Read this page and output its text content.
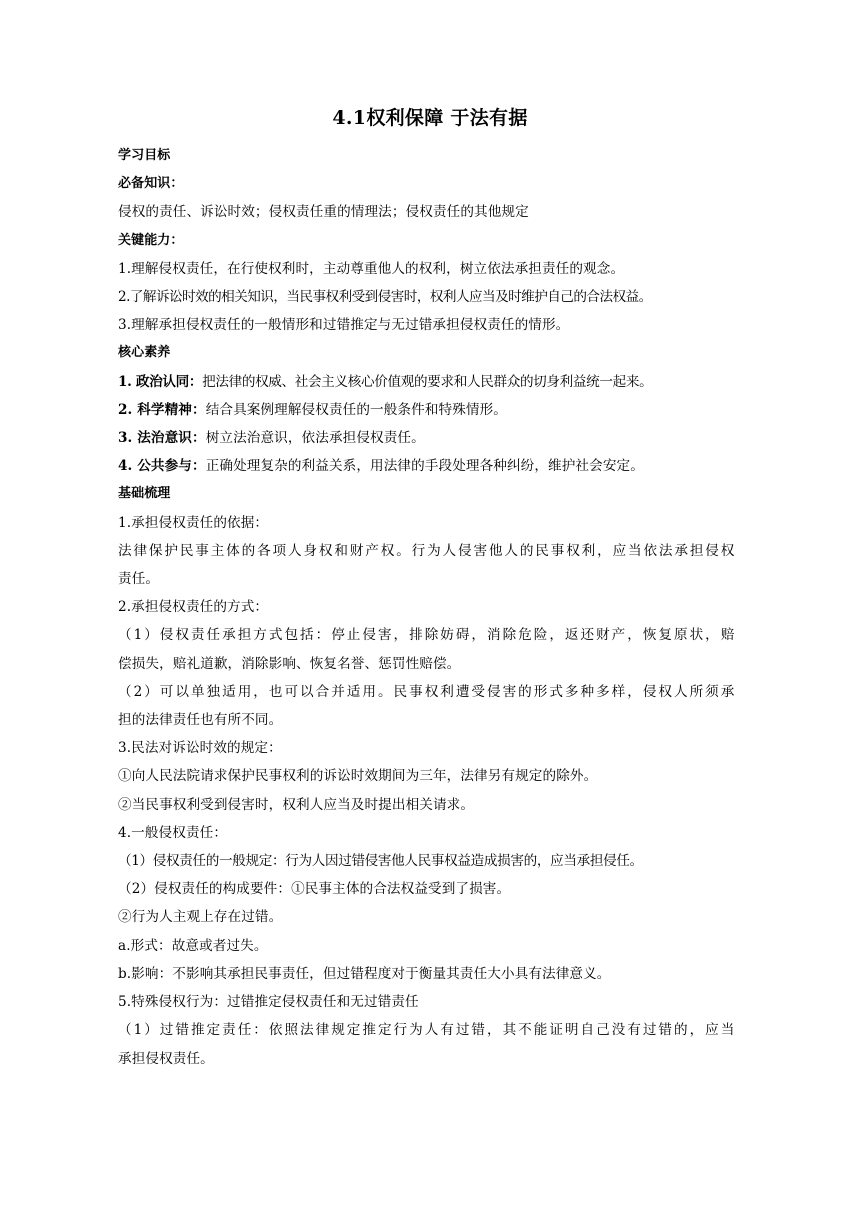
4.1权利保障 于法有据
学习目标
必备知识：
侵权的责任、诉讼时效；侵权责任重的情理法；侵权责任的其他规定
关键能力：
1.理解侵权责任，在行使权利时，主动尊重他人的权利，树立依法承担责任的观念。
2.了解诉讼时效的相关知识，当民事权利受到侵害时，权利人应当及时维护自己的合法权益。
3.理解承担侵权责任的一般情形和过错推定与无过错承担侵权责任的情形。
核心素养
1. 政治认同：把法律的权威、社会主义核心价值观的要求和人民群众的切身利益统一起来。
2. 科学精神：结合具案例理解侵权责任的一般条件和特殊情形。
3. 法治意识：树立法治意识，依法承担侵权责任。
4. 公共参与：正确处理复杂的利益关系，用法律的手段处理各种纠纷，维护社会安定。
基础梳理
1.承担侵权责任的依据：
法律保护民事主体的各项人身权和财产权。行为人侵害他人的民事权利，应当依法承担侵权
责任。
2.承担侵权责任的方式：
（1）侵权责任承担方式包括：停止侵害，排除妨碍，消除危险，返还财产，恢复原状，赔
偿损失，赔礼道歉，消除影响、恢复名誉、惩罚性赔偿。
（2）可以单独适用，也可以合并适用。民事权利遭受侵害的形式多种多样，侵权人所须承
担的法律责任也有所不同。
3.民法对诉讼时效的规定：
①向人民法院请求保护民事权利的诉讼时效期间为三年，法律另有规定的除外。
②当民事权利受到侵害时，权利人应当及时提出相关请求。
4.一般侵权责任：
（1）侵权责任的一般规定：行为人因过错侵害他人民事权益造成损害的，应当承担侵任。
（2）侵权责任的构成要件：①民事主体的合法权益受到了损害。
②行为人主观上存在过错。
a.形式：故意或者过失。
b.影响：不影响其承担民事责任，但过错程度对于衡量其责任大小具有法律意义。
5.特殊侵权行为：过错推定侵权责任和无过错责任
（1）过错推定责任：依照法律规定推定行为人有过错，其不能证明自己没有过错的，应当
承担侵权责任。
